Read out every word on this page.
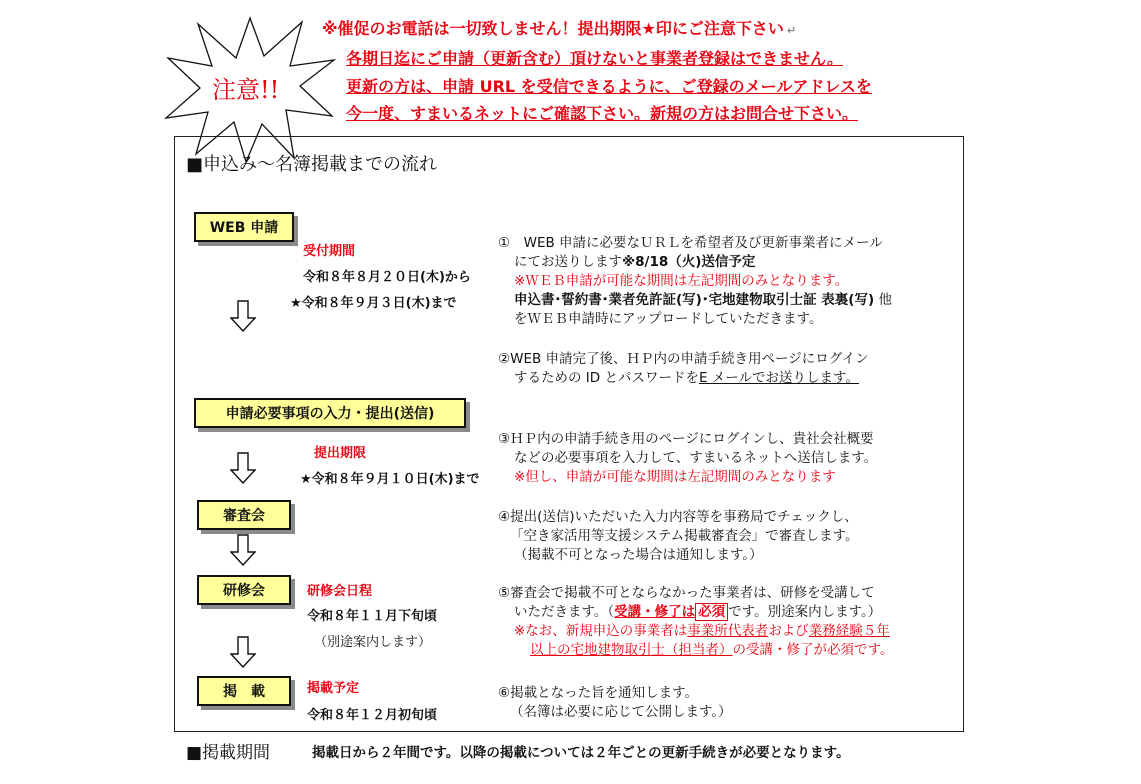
注意!!
※催促のお電話は一切致しません！提出期限★印にご注意下さい ↵
各期日迄にご申請（更新含む）頂けないと事業者登録はできません。
更新の方は、申請 URL を受信できるように、ご登録のメールアドレスを
今一度、すまいるネットにご確認下さい。新規の方はお問合せ下さい。
■申込み～名簿掲載までの流れ
WEB 申請
申請必要事項の入力・提出(送信)
審査会
研修会
掲　載
受付期間
令和８年８月２０日(木)から
★令和８年９月３日(木)まで
提出期限
★令和８年９月１０日(木)まで
研修会日程
令和８年１１月下旬頃
（別途案内します）
掲載予定
令和８年１２月初旬頃
①　WEB 申請に必要なＵＲＬを希望者及び更新事業者にメール
にてお送りします※8/18（火)送信予定
※ＷＥＢ申請が可能な期間は左記期間のみとなります。
申込書･誓約書･業者免許証(写)･宅地建物取引士証 表裏(写) 他
をＷＥＢ申請時にアップロードしていただきます。
②WEB 申請完了後、ＨＰ内の申請手続き用ページにログイン
するための ID とパスワードをE メールでお送りします。
③ＨＰ内の申請手続き用のページにログインし、貴社会社概要
などの必要事項を入力して、すまいるネットへ送信します。
※但し、申請が可能な期間は左記期間のみとなります
④提出(送信)いただいた入力内容等を事務局でチェックし、
「空き家活用等支援システム掲載審査会」で審査します。
（掲載不可となった場合は通知します。）
⑤審査会で掲載不可とならなかった事業者は、研修を受講して
いただきます。（受講・修了は 必須 です。別途案内します。）
※なお、新規申込の事業者は事業所代表者および業務経験５年
以上の宅地建物取引士（担当者）の受講・修了が必須です。
⑥掲載となった旨を通知します。
（名簿は必要に応じて公開します。）
■掲載期間	掲載日から２年間です。以降の掲載については２年ごとの更新手続きが必要となります。
